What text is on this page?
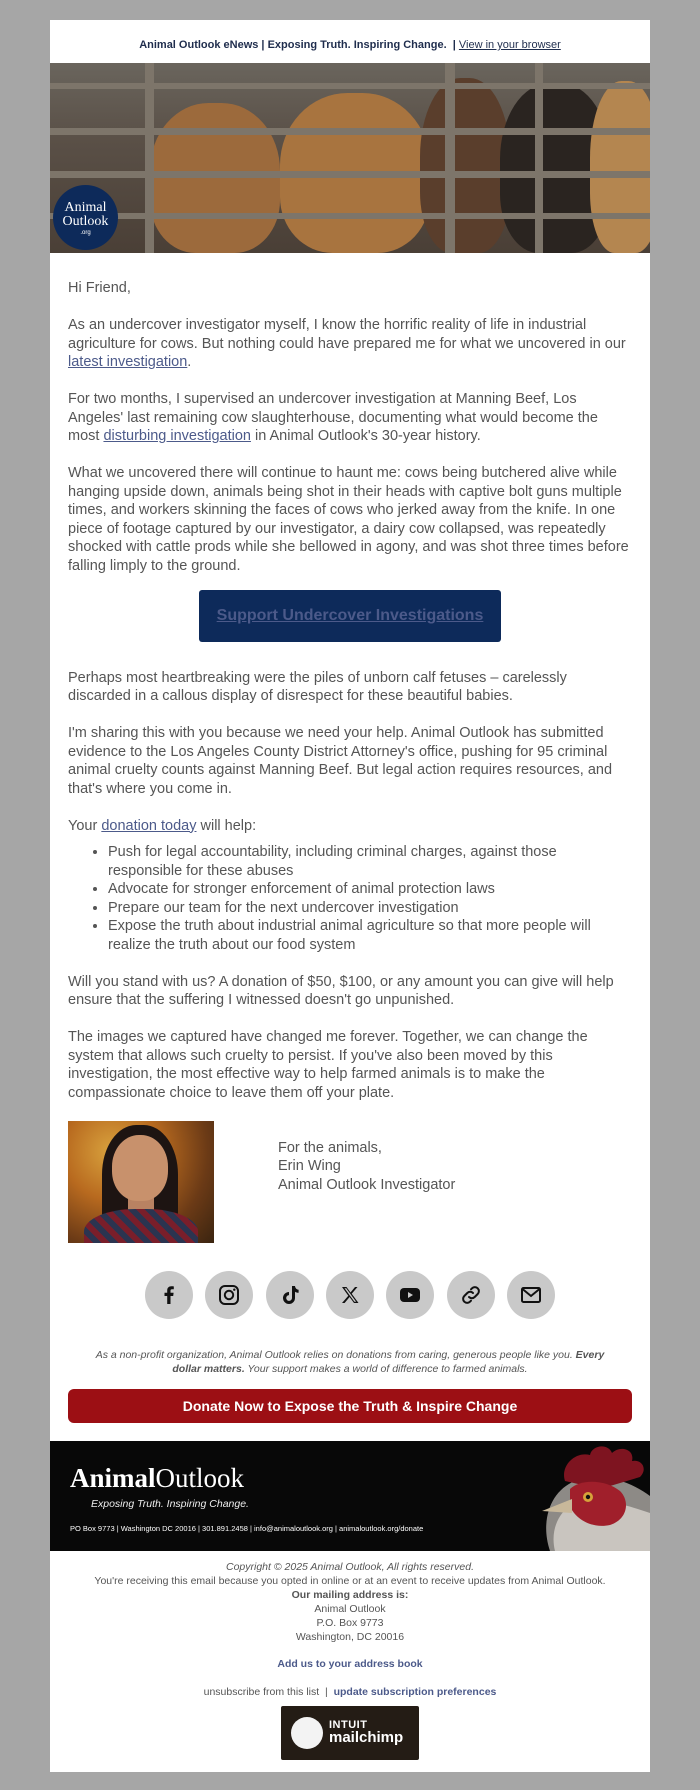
Animal Outlook eNews | Exposing Truth. Inspiring Change. | View in your browser
Animal
Outlook
.org

Hi Friend,

As an undercover investigator myself, I know the horrific reality of life in industrial agriculture for cows. But nothing could have prepared me for what we uncovered in our latest investigation.

For two months, I supervised an undercover investigation at Manning Beef, Los Angeles' last remaining cow slaughterhouse, documenting what would become the most disturbing investigation in Animal Outlook's 30-year history.

What we uncovered there will continue to haunt me: cows being butchered alive while hanging upside down, animals being shot in their heads with captive bolt guns multiple times, and workers skinning the faces of cows who jerked away from the knife. In one piece of footage captured by our investigator, a dairy cow collapsed, was repeatedly shocked with cattle prods while she bellowed in agony, and was shot three times before falling limply to the ground.

Support Undercover Investigations

Perhaps most heartbreaking were the piles of unborn calf fetuses – carelessly discarded in a callous display of disrespect for these beautiful babies.

I'm sharing this with you because we need your help. Animal Outlook has submitted evidence to the Los Angeles County District Attorney's office, pushing for 95 criminal animal cruelty counts against Manning Beef. But legal action requires resources, and that's where you come in.

Your donation today will help:

• Push for legal accountability, including criminal charges, against those responsible for these abuses
• Advocate for stronger enforcement of animal protection laws
• Prepare our team for the next undercover investigation
• Expose the truth about industrial animal agriculture so that more people will realize the truth about our food system

Will you stand with us? A donation of $50, $100, or any amount you can give will help ensure that the suffering I witnessed doesn't go unpunished.

The images we captured have changed me forever. Together, we can change the system that allows such cruelty to persist. If you've also been moved by this investigation, the most effective way to help farmed animals is to make the compassionate choice to leave them off your plate.

For the animals,
Erin Wing
Animal Outlook Investigator

As a non-profit organization, Animal Outlook relies on donations from caring, generous people like you. Every dollar matters. Your support makes a world of difference to farmed animals.
Donate Now to Expose the Truth & Inspire Change
AnimalOutlook
Exposing Truth. Inspiring Change.
PO Box 9773 | Washington DC 20016 | 301.891.2458 | info@animaloutlook.org | animaloutlook.org/donate
Copyright © 2025 Animal Outlook, All rights reserved.
You're receiving this email because you opted in online or at an event to receive updates from Animal Outlook.
Our mailing address is:
Animal Outlook
P.O. Box 9773
Washington, DC 20016
Add us to your address book
unsubscribe from this list | update subscription preferences
INTUIT
mailchimp
